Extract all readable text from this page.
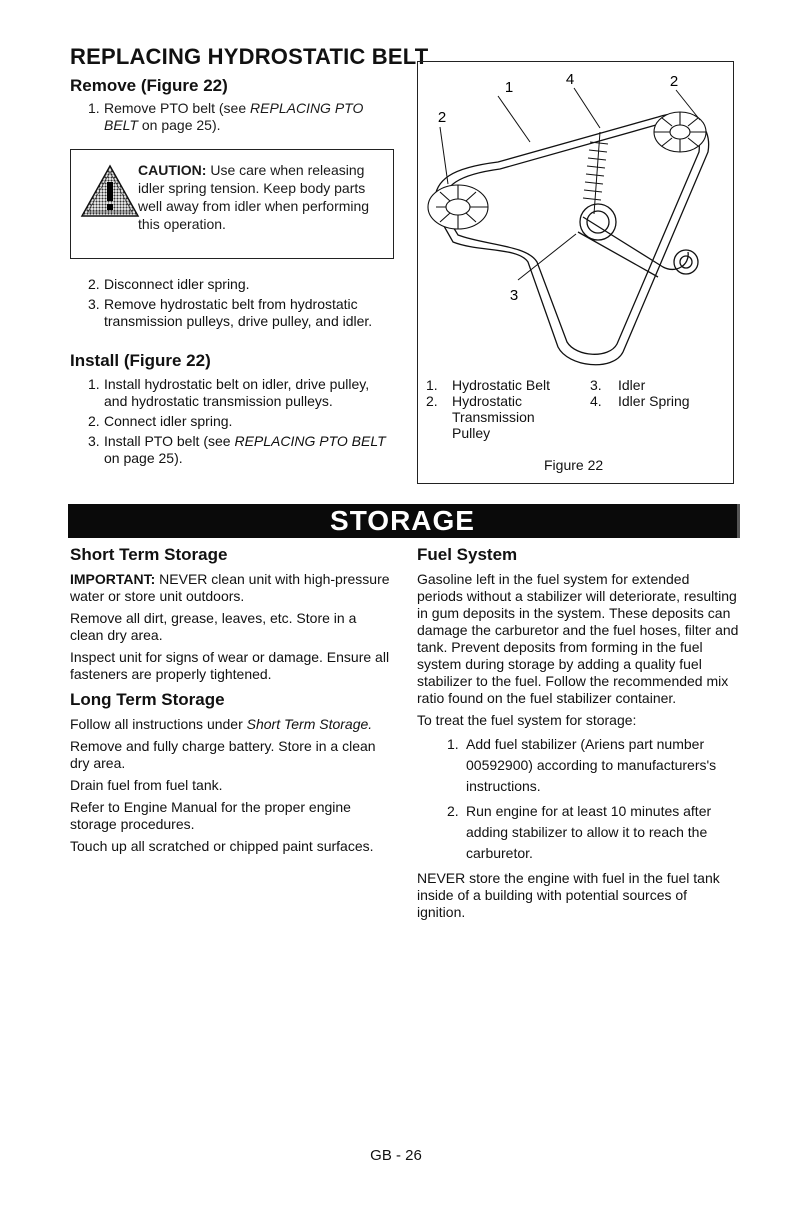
REPLACING HYDROSTATIC BELT
Remove (Figure 22)
1. Remove PTO belt (see REPLACING PTO BELT on page 25).
CAUTION: Use care when releasing idler spring tension. Keep body parts well away from idler when performing this operation.
2. Disconnect idler spring.
3. Remove hydrostatic belt from hydrostatic transmission pulleys, drive pulley, and idler.
Install (Figure 22)
1. Install hydrostatic belt on idler, drive pulley, and hydrostatic transmission pulleys.
2. Connect idler spring.
3. Install PTO belt (see REPLACING PTO BELT on page 25).
1	4	2
2
3
1. Hydrostatic Belt
2. Hydrostatic Transmission Pulley
3. Idler
4. Idler Spring
Figure 22
STORAGE
Short Term Storage

IMPORTANT: NEVER clean unit with high-pressure water or store unit outdoors.

Remove all dirt, grease, leaves, etc. Store in a clean dry area.

Inspect unit for signs of wear or damage. Ensure all fasteners are properly tightened.

Long Term Storage

Follow all instructions under Short Term Storage.

Remove and fully charge battery. Store in a clean dry area.

Drain fuel from fuel tank.

Refer to Engine Manual for the proper engine storage procedures.

Touch up all scratched or chipped paint surfaces.

Fuel System

Gasoline left in the fuel system for extended periods without a stabilizer will deteriorate, resulting in gum deposits in the system. These deposits can damage the carburetor and the fuel hoses, filter and tank. Prevent deposits from forming in the fuel system during storage by adding a quality fuel stabilizer to the fuel. Follow the recommended mix ratio found on the fuel stabilizer container.

To treat the fuel system for storage:

1. Add fuel stabilizer (Ariens part number 00592900) according to manufacturers's instructions.
2. Run engine for at least 10 minutes after adding stabilizer to allow it to reach the carburetor.

NEVER store the engine with fuel in the fuel tank inside of a building with potential sources of ignition.

GB - 26
